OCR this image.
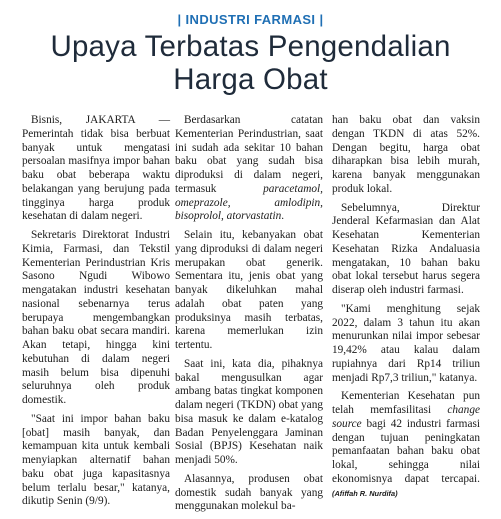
| INDUSTRI FARMASI |
Upaya Terbatas Pengendalian
Harga Obat

Bisnis, JAKARTA — Pemerintah tidak bisa berbuat banyak untuk mengatasi persoalan masifnya impor bahan baku obat beberapa waktu belakangan yang berujung pada tingginya harga produk kesehatan di dalam negeri.

Sekretaris Direktorat Industri Kimia, Farmasi, dan Tekstil Kementerian Perindustrian Kris Sasono Ngudi Wibowo mengatakan industri kesehatan nasional sebenarnya terus berupaya mengembangkan bahan baku obat secara mandiri. Akan tetapi, hingga kini kebutuhan di dalam negeri masih belum bisa dipenuhi seluruhnya oleh produk domestik.

"Saat ini impor bahan baku [obat] masih banyak, dan kemampuan kita untuk kembali menyiapkan alternatif bahan baku obat juga kapasitasnya belum terlalu besar," katanya, dikutip Senin (9/9).

Berdasarkan catatan Kementerian Perindustrian, saat ini sudah ada sekitar 10 bahan baku obat yang sudah bisa diproduksi di dalam negeri, termasuk paracetamol, omeprazole, amlodipin, bisoprolol, atorvastatin.

Selain itu, kebanyakan obat yang diproduksi di dalam negeri merupakan obat generik. Sementara itu, jenis obat yang banyak dikeluhkan mahal adalah obat paten yang produksinya masih terbatas, karena memerlukan izin tertentu.

Saat ini, kata dia, pihaknya bakal mengusulkan agar ambang batas tingkat komponen dalam negeri (TKDN) obat yang bisa masuk ke dalam e-katalog Badan Penyelenggara Jaminan Sosial (BPJS) Kesehatan naik menjadi 50%.

Alasannya, produsen obat domestik sudah banyak yang menggunakan molekul ba-

han baku obat dan vaksin dengan TKDN di atas 52%. Dengan begitu, harga obat diharapkan bisa lebih murah, karena banyak menggunakan produk lokal.

Sebelumnya, Direktur Jenderal Kefarmasian dan Alat Kesehatan Kementerian Kesehatan Rizka Andaluasia mengatakan, 10 bahan baku obat lokal tersebut harus segera diserap oleh industri farmasi.

"Kami menghitung sejak 2022, dalam 3 tahun itu akan menurunkan nilai impor sebesar 19,42% atau kalau dalam rupiahnya dari Rp14 triliun menjadi Rp7,3 triliun," katanya.

Kementerian Kesehatan pun telah memfasilitasi change source bagi 42 industri farmasi dengan tujuan peningkatan pemanfaatan bahan baku obat lokal, sehingga nilai ekonomisnya dapat tercapai. (Afiffah R. Nurdifa)
